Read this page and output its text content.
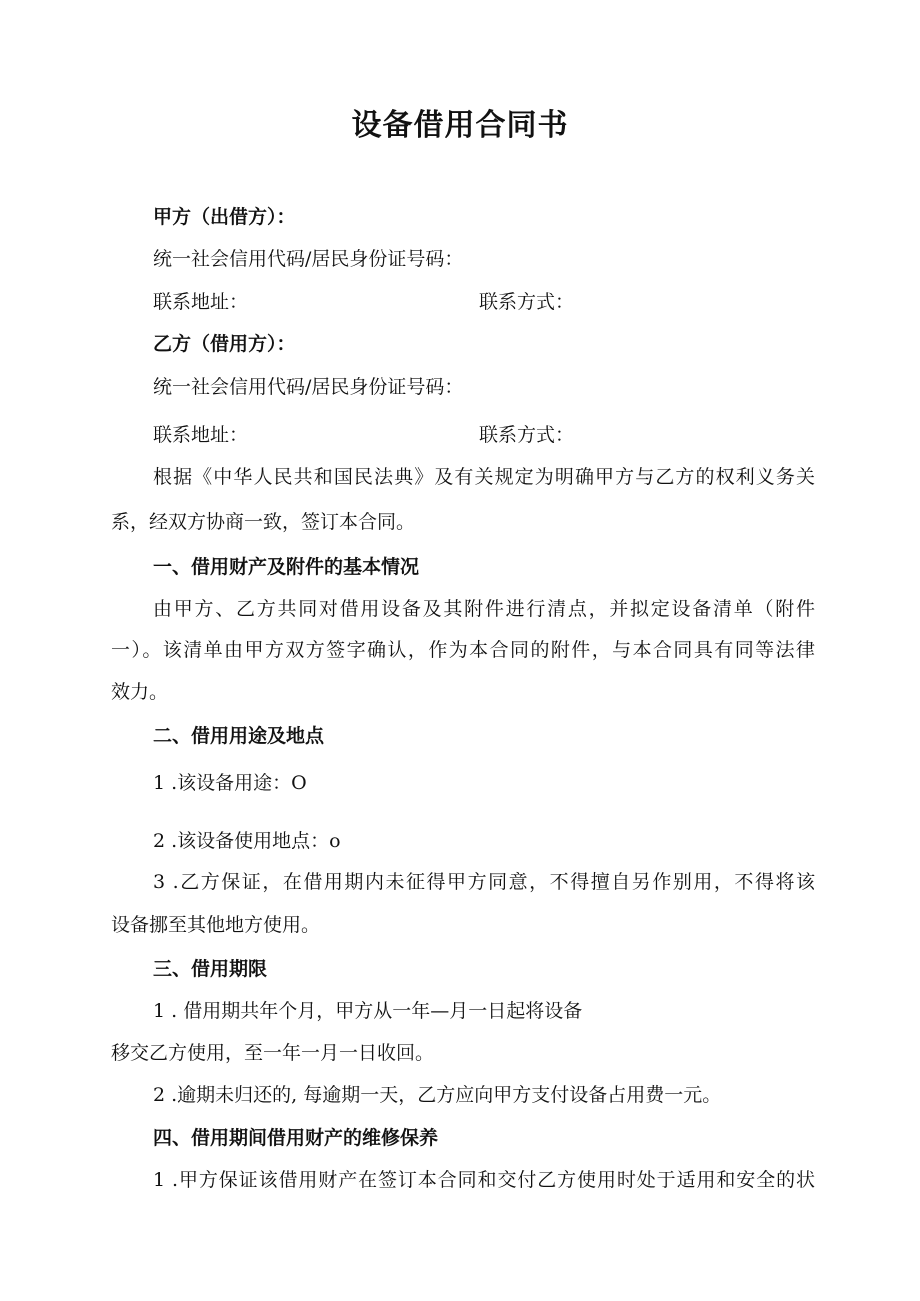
设备借用合同书

甲方（出借方）：

统一社会信用代码/居民身份证号码：

联系地址：	联系方式：

乙方（借用方）：

统一社会信用代码/居民身份证号码：

联系地址：	联系方式：

根据《中华人民共和国民法典》及有关规定为明确甲方与乙方的权利义务关

系，经双方协商一致，签订本合同。

一、借用财产及附件的基本情况

由甲方、乙方共同对借用设备及其附件进行清点，并拟定设备清单（附件

一）。该清单由甲方双方签字确认，作为本合同的附件，与本合同具有同等法律

效力。

二、借用用途及地点

1 .该设备用途：O

2 .该设备使用地点：o

3 .乙方保证，在借用期内未征得甲方同意，不得擅自另作别用，不得将该

设备挪至其他地方使用。

三、借用期限

1 . 借用期共年个月，甲方从一年—月一日起将设备

移交乙方使用，至一年一月一日收回。

2 .逾期未归还的, 每逾期一天，乙方应向甲方支付设备占用费一元。

四、借用期间借用财产的维修保养

1 .甲方保证该借用财产在签订本合同和交付乙方使用时处于适用和安全的状
